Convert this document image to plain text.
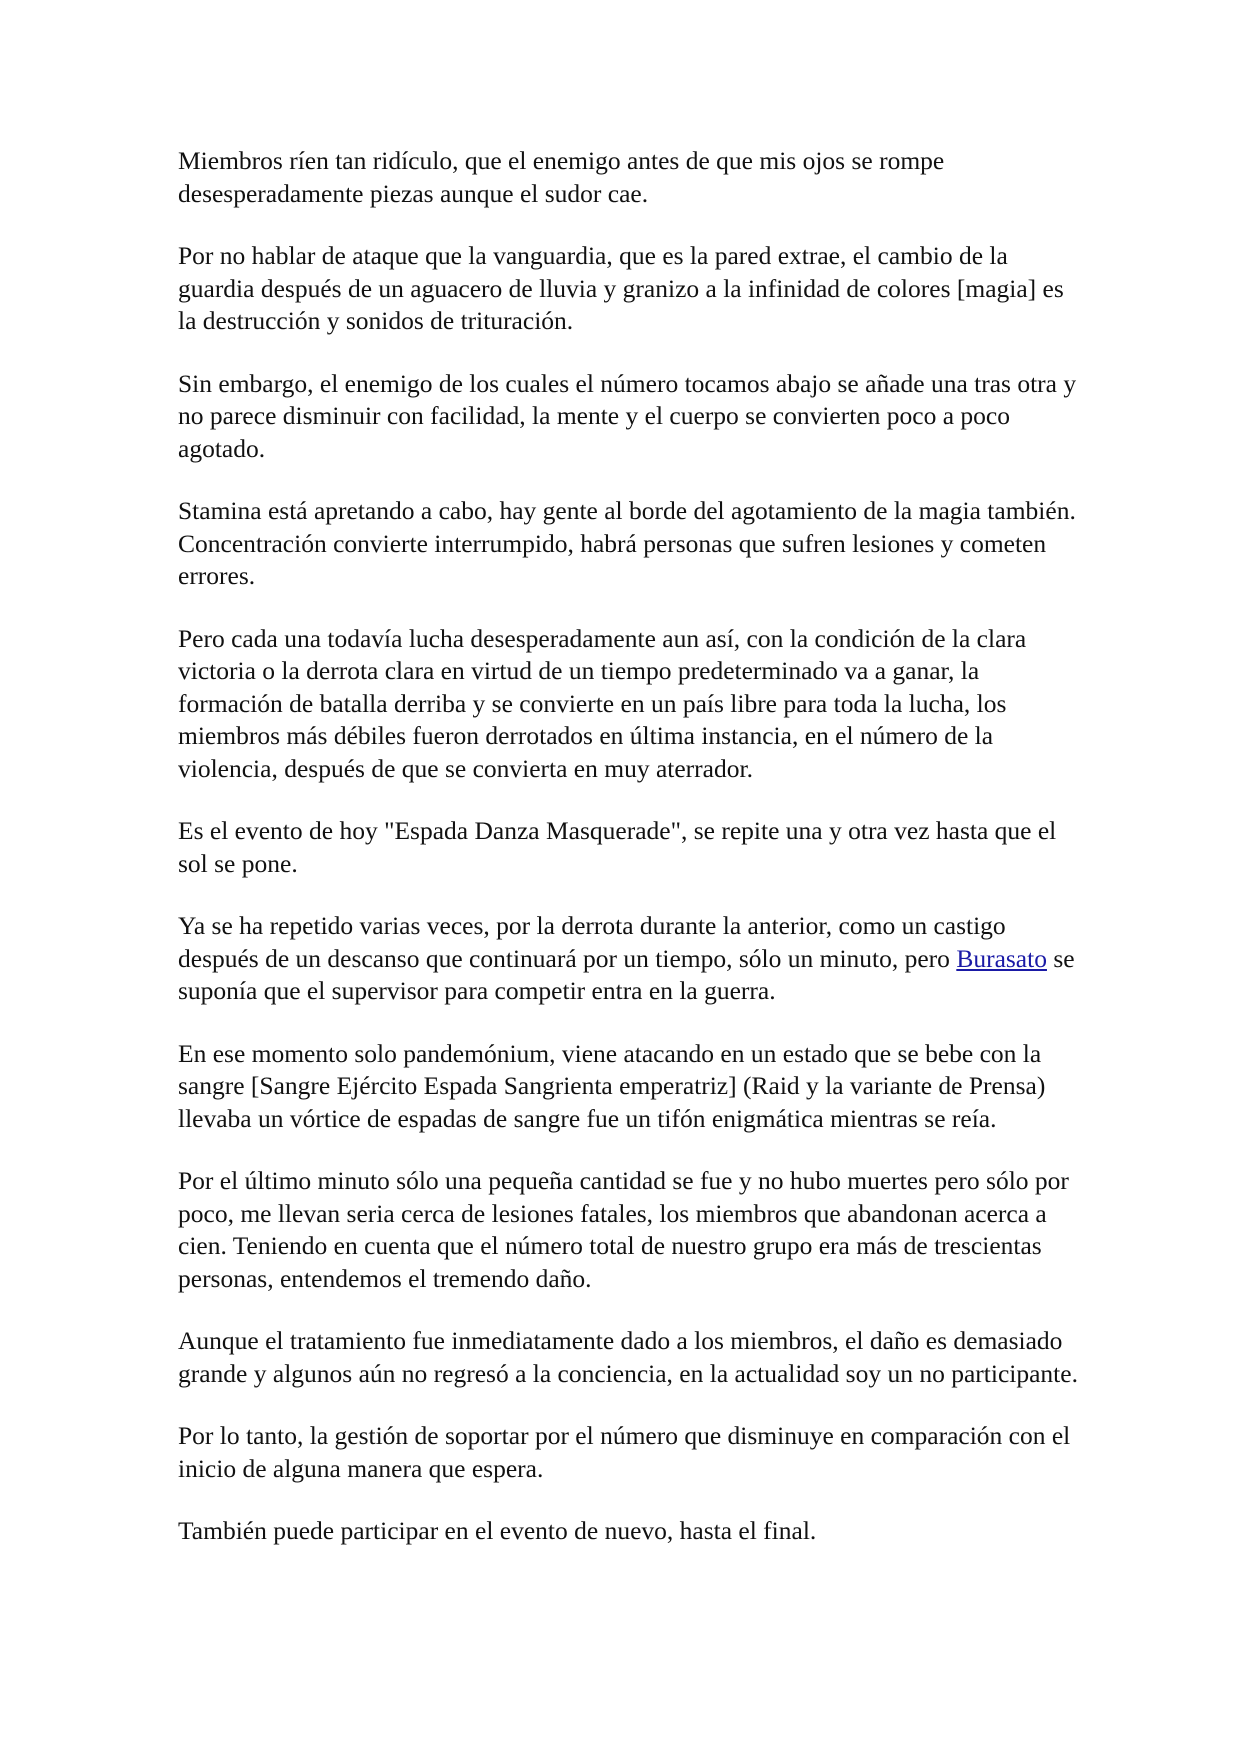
Miembros ríen tan ridículo, que el enemigo antes de que mis ojos se rompe desesperadamente piezas aunque el sudor cae.

Por no hablar de ataque que la vanguardia, que es la pared extrae, el cambio de la guardia después de un aguacero de lluvia y granizo a la infinidad de colores [magia] es la destrucción y sonidos de trituración.

Sin embargo, el enemigo de los cuales el número tocamos abajo se añade una tras otra y no parece disminuir con facilidad, la mente y el cuerpo se convierten poco a poco agotado.

Stamina está apretando a cabo, hay gente al borde del agotamiento de la magia también. Concentración convierte interrumpido, habrá personas que sufren lesiones y cometen errores.

Pero cada una todavía lucha desesperadamente aun así, con la condición de la clara victoria o la derrota clara en virtud de un tiempo predeterminado va a ganar, la formación de batalla derriba y se convierte en un país libre para toda la lucha, los miembros más débiles fueron derrotados en última instancia, en el número de la violencia, después de que se convierta en muy aterrador.

Es el evento de hoy "Espada Danza Masquerade", se repite una y otra vez hasta que el sol se pone.

Ya se ha repetido varias veces, por la derrota durante la anterior, como un castigo después de un descanso que continuará por un tiempo, sólo un minuto, pero Burasato se suponía que el supervisor para competir entra en la guerra.

En ese momento solo pandemónium, viene atacando en un estado que se bebe con la sangre [Sangre Ejército Espada Sangrienta emperatriz] (Raid y la variante de Prensa) llevaba un vórtice de espadas de sangre fue un tifón enigmática mientras se reía.

Por el último minuto sólo una pequeña cantidad se fue y no hubo muertes pero sólo por poco, me llevan seria cerca de lesiones fatales, los miembros que abandonan acerca a cien. Teniendo en cuenta que el número total de nuestro grupo era más de trescientas personas, entendemos el tremendo daño.

Aunque el tratamiento fue inmediatamente dado a los miembros, el daño es demasiado grande y algunos aún no regresó a la conciencia, en la actualidad soy un no participante.

Por lo tanto, la gestión de soportar por el número que disminuye en comparación con el inicio de alguna manera que espera.

También puede participar en el evento de nuevo, hasta el final.
